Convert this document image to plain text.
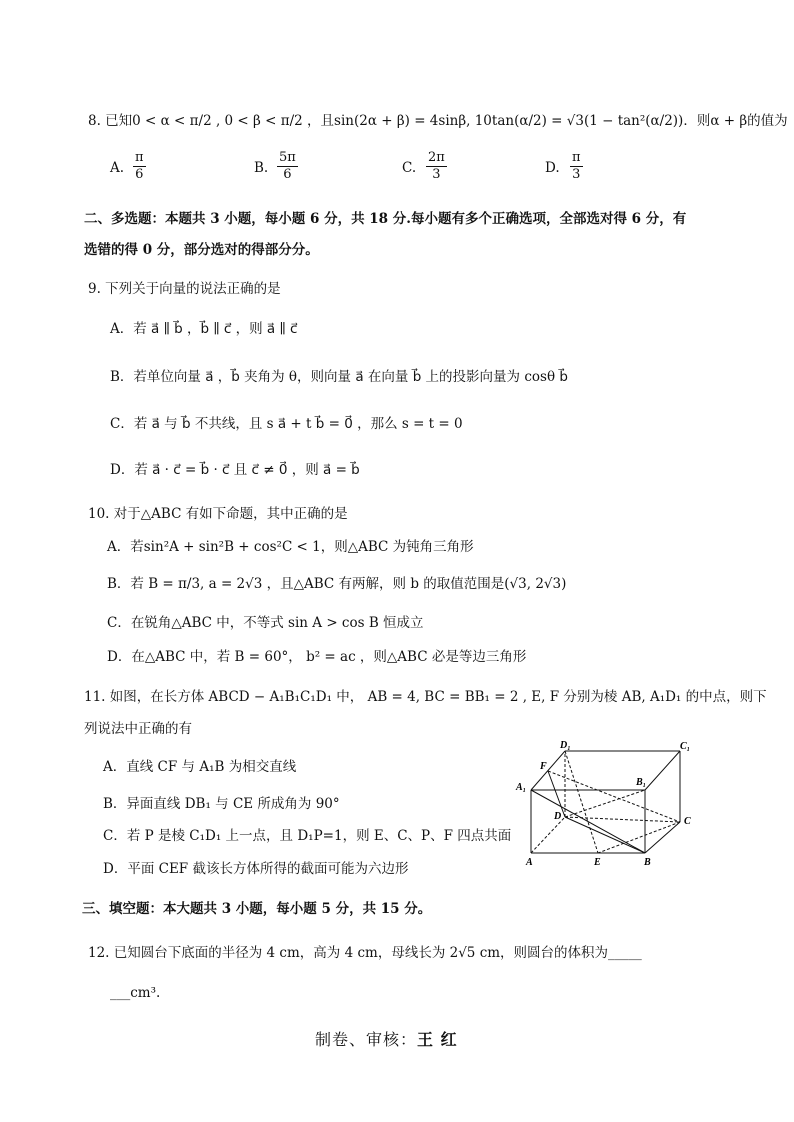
8. 已知0 < α < π/2 , 0 < β < π/2 ，且sin(2α + β) = 4sinβ, 10tan(α/2) = √3(1 − tan²(α/2))．则α + β的值为
A. $\frac{\pi}{6}$	B. $\frac{5\pi}{6}$	C. $\frac{2\pi}{3}$	D. $\frac{\pi}{3}$
二、多选题：本题共 3 小题，每小题 6 分，共 18 分.每小题有多个正确选项，全部选对得 6 分，有
选错的得 0 分，部分选对的得部分分。
9. 下列关于向量的说法正确的是
A．若 a⃗ ∥ b⃗ ，b⃗ ∥ c⃗ ，则 a⃗ ∥ c⃗
B．若单位向量 a⃗ ，b⃗ 夹角为 θ，则向量 a⃗ 在向量 b⃗ 上的投影向量为 cosθ b⃗
C．若 a⃗ 与 b⃗ 不共线，且 s a⃗ + t b⃗ = 0⃗ ，那么 s = t = 0
D．若 a⃗ · c⃗ = b⃗ · c⃗ 且 c⃗ ≠ 0⃗ ，则 a⃗ = b⃗
10. 对于△ABC 有如下命题，其中正确的是
A．若sin²A + sin²B + cos²C < 1，则△ABC 为钝角三角形
B．若 B = π/3, a = 2√3 ，且△ABC 有两解，则 b 的取值范围是(√3, 2√3)
C．在锐角△ABC 中，不等式 sin A > cos B 恒成立
D．在△ABC 中，若 B = 60°， b² = ac ，则△ABC 必是等边三角形
11. 如图，在长方体 ABCD − A₁B₁C₁D₁ 中， AB = 4, BC = BB₁ = 2 , E, F 分别为棱 AB, A₁D₁ 的中点，则下
列说法中正确的有
A．直线 CF 与 A₁B 为相交直线
B．异面直线 DB₁ 与 CE 所成角为 90°
C．若 P 是棱 C₁D₁ 上一点，且 D₁P=1，则 E、C、P、F 四点共面
D．平面 CEF 截该长方体所得的截面可能为六边形
D₁	C₁
F
B₁
A₁
D	C
A	E	B
三、填空题：本大题共 3 小题，每小题 5 分，共 15 分。
12. 已知圆台下底面的半径为 4 cm，高为 4 cm，母线长为 2√5 cm，则圆台的体积为_____
___cm³.
制卷、审核：王 红
